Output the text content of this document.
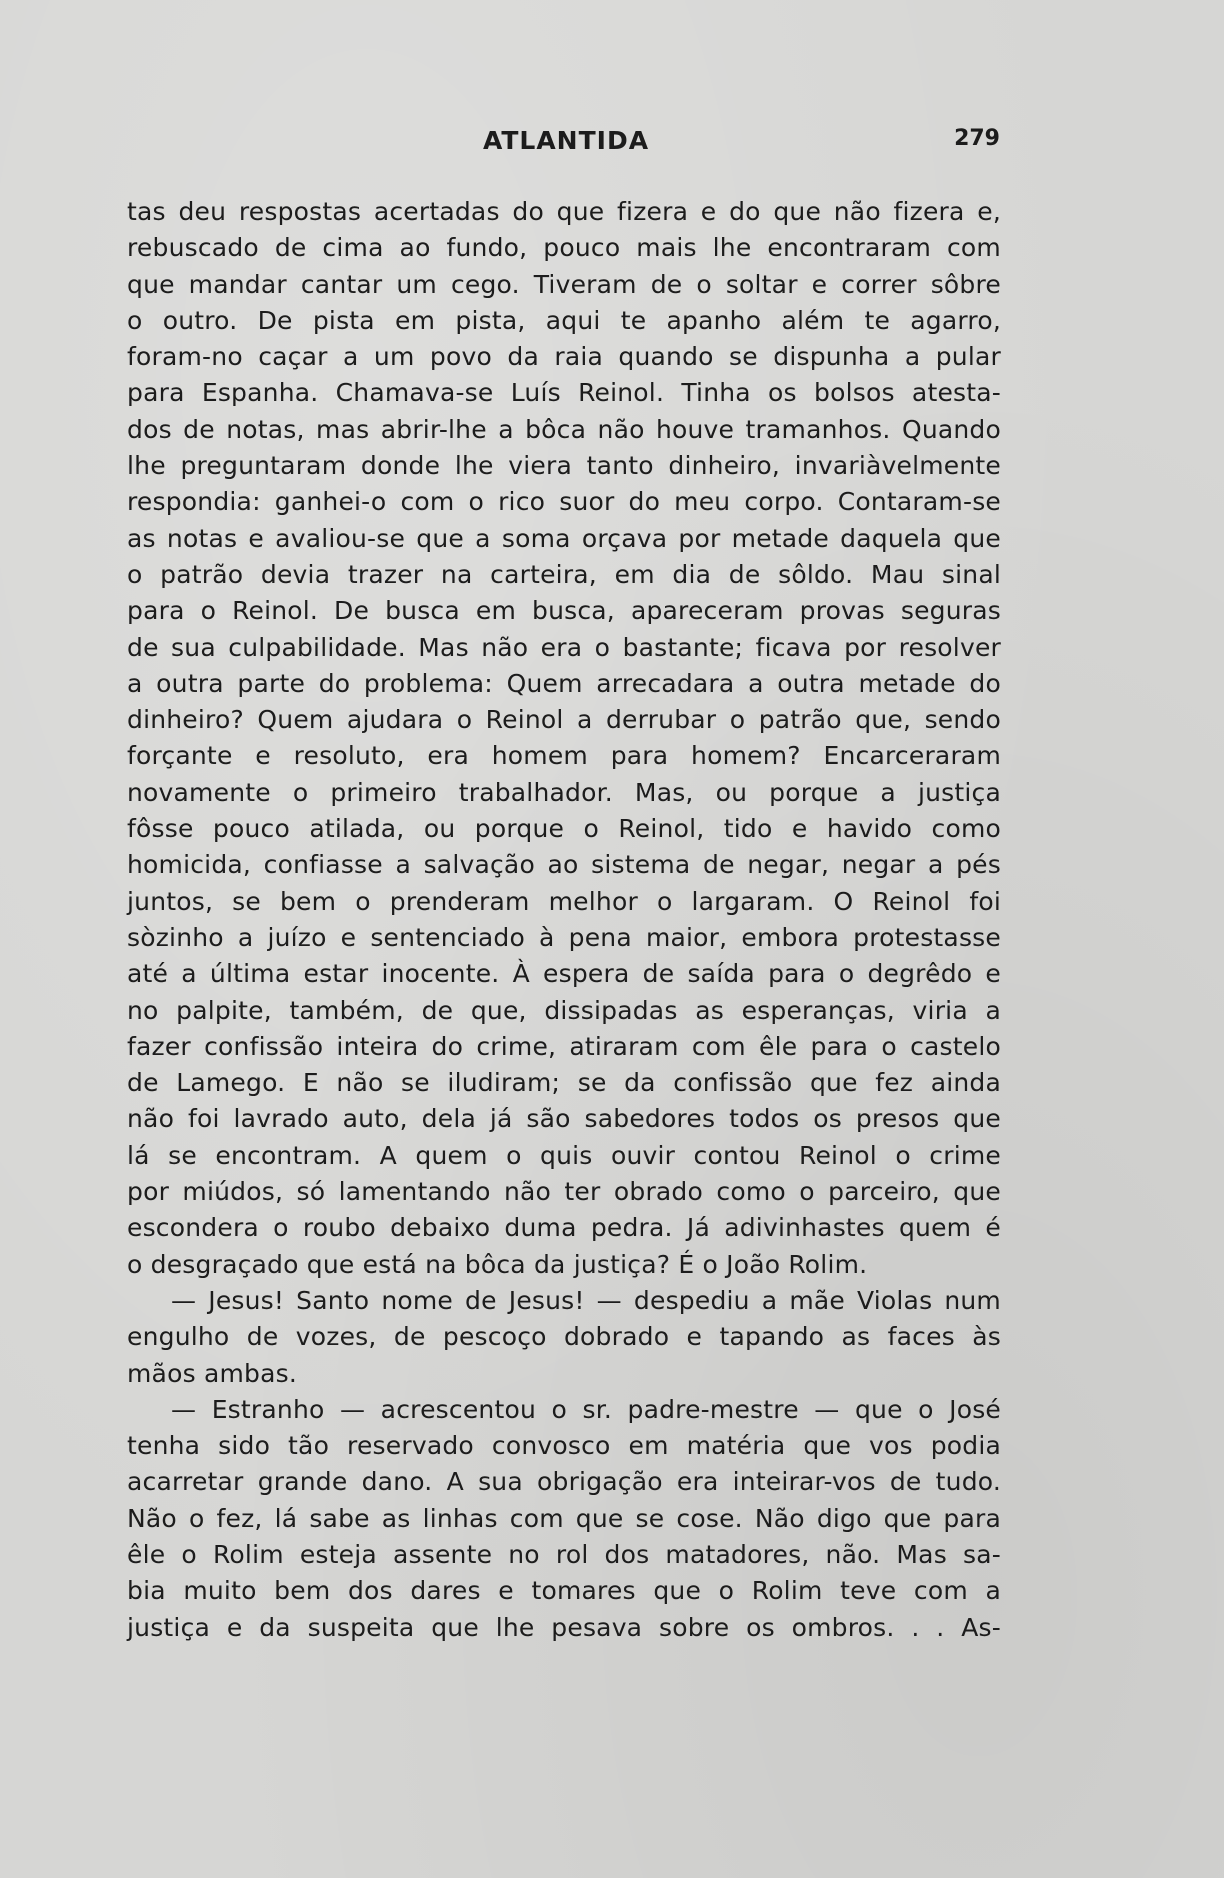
ATLANTIDA	279
tas deu respostas acertadas do que fizera e do que não fizera e,
rebuscado de cima ao fundo, pouco mais lhe encontraram com
que mandar cantar um cego. Tiveram de o soltar e correr sôbre
o outro. De pista em pista, aqui te apanho além te agarro,
foram-no caçar a um povo da raia quando se dispunha a pular
para Espanha. Chamava-se Luís Reinol. Tinha os bolsos atesta-
dos de notas, mas abrir-lhe a bôca não houve tramanhos. Quando
lhe preguntaram donde lhe viera tanto dinheiro, invariàvelmente
respondia: ganhei-o com o rico suor do meu corpo. Contaram-se
as notas e avaliou-se que a soma orçava por metade daquela que
o patrão devia trazer na carteira, em dia de sôldo. Mau sinal
para o Reinol. De busca em busca, apareceram provas seguras
de sua culpabilidade. Mas não era o bastante; ficava por resolver
a outra parte do problema: Quem arrecadara a outra metade do
dinheiro? Quem ajudara o Reinol a derrubar o patrão que, sendo
forçante e resoluto, era homem para homem? Encarceraram
novamente o primeiro trabalhador. Mas, ou porque a justiça
fôsse pouco atilada, ou porque o Reinol, tido e havido como
homicida, confiasse a salvação ao sistema de negar, negar a pés
juntos, se bem o prenderam melhor o largaram. O Reinol foi
sòzinho a juízo e sentenciado à pena maior, embora protestasse
até a última estar inocente. À espera de saída para o degrêdo e
no palpite, também, de que, dissipadas as esperanças, viria a
fazer confissão inteira do crime, atiraram com êle para o castelo
de Lamego. E não se iludiram; se da confissão que fez ainda
não foi lavrado auto, dela já são sabedores todos os presos que
lá se encontram. A quem o quis ouvir contou Reinol o crime
por miúdos, só lamentando não ter obrado como o parceiro, que
escondera o roubo debaixo duma pedra. Já adivinhastes quem é
o desgraçado que está na bôca da justiça? É o João Rolim.
— Jesus! Santo nome de Jesus! — despediu a mãe Violas num
engulho de vozes, de pescoço dobrado e tapando as faces às
mãos ambas.
— Estranho — acrescentou o sr. padre-mestre — que o José
tenha sido tão reservado convosco em matéria que vos podia
acarretar grande dano. A sua obrigação era inteirar-vos de tudo.
Não o fez, lá sabe as linhas com que se cose. Não digo que para
êle o Rolim esteja assente no rol dos matadores, não. Mas sa-
bia muito bem dos dares e tomares que o Rolim teve com a
justiça e da suspeita que lhe pesava sobre os ombros. . . As-
